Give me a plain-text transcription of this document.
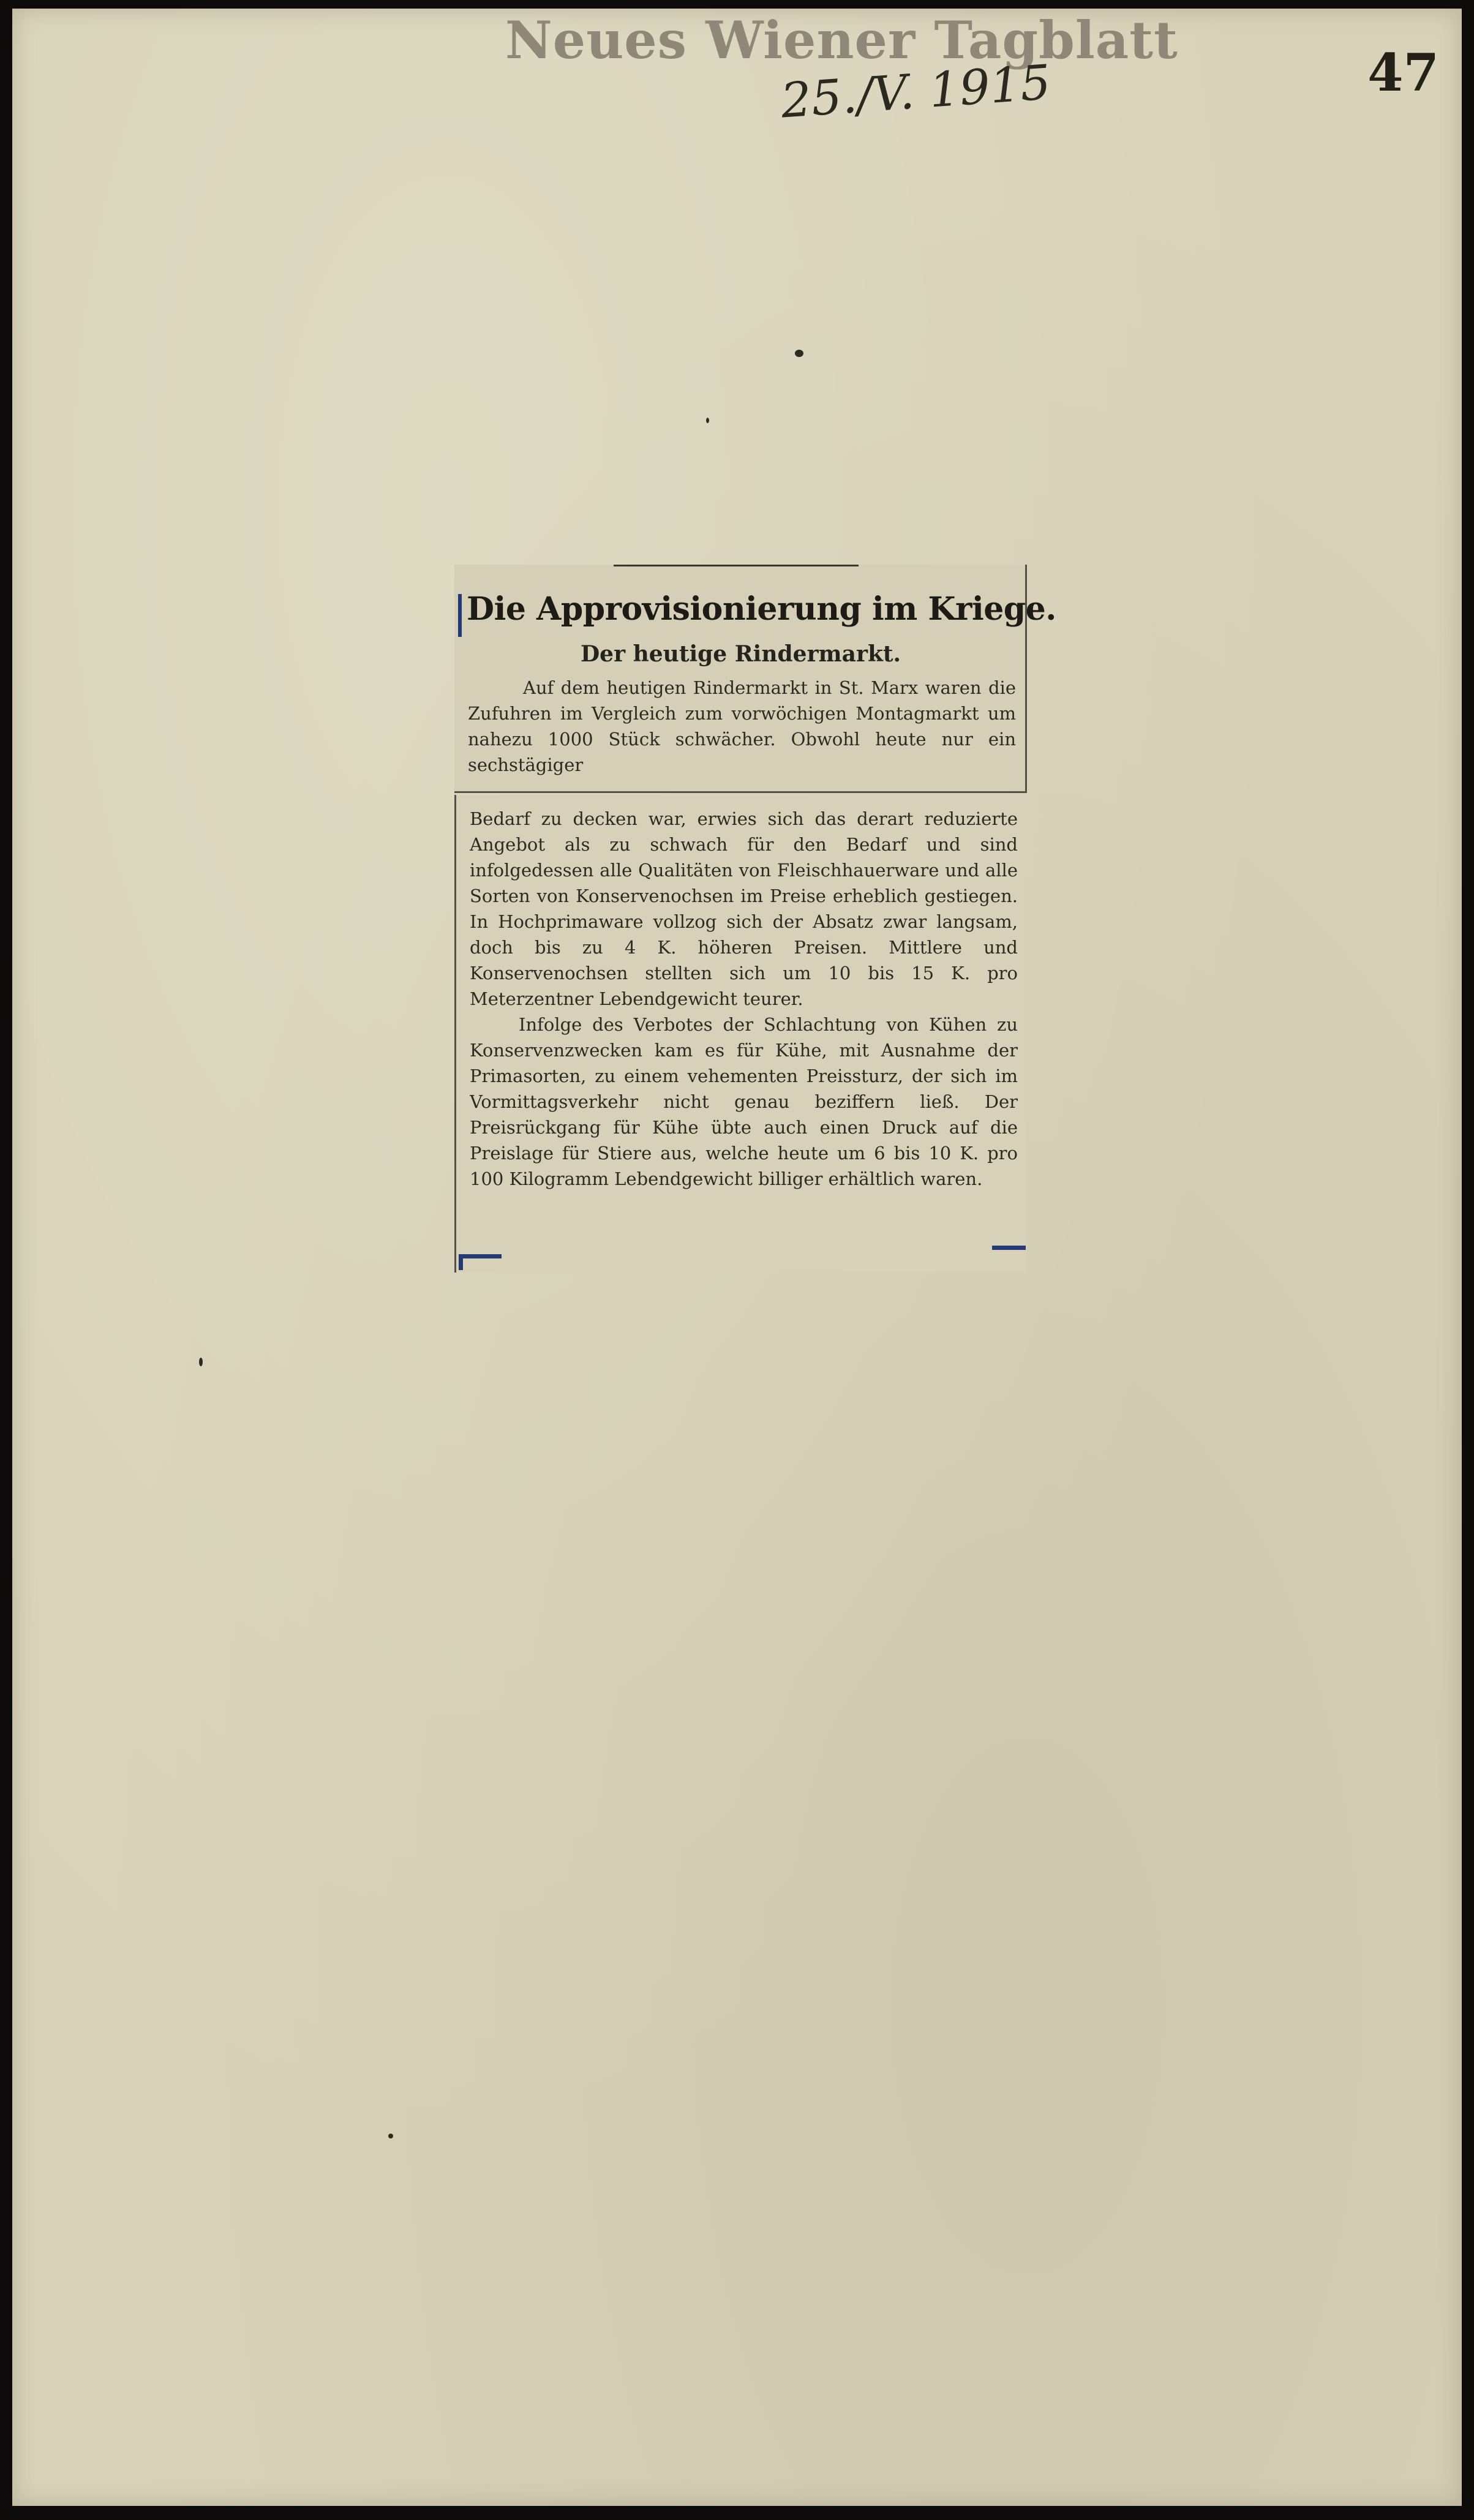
Neues Wiener Tagblatt
25./V. 1915	47
Die Approvisionierung im Kriege.
Der heutige Rindermarkt.

Auf dem heutigen Rindermarkt in St. Marx waren die Zufuhren im Vergleich zum vorwöchigen Montagmarkt um nahezu 1000 Stück schwächer. Obwohl heute nur ein sechstägiger

Bedarf zu decken war, erwies sich das derart reduzierte Angebot als zu schwach für den Bedarf und sind infolgedessen alle Qualitäten von Fleischhauerware und alle Sorten von Konservenochsen im Preise erheblich gestiegen. In Hochprimaware vollzog sich der Absatz zwar langsam, doch bis zu 4 K. höheren Preisen. Mittlere und Konservenochsen stellten sich um 10 bis 15 K. pro Meterzentner Lebendgewicht teurer.

Infolge des Verbotes der Schlachtung von Kühen zu Konservenzwecken kam es für Kühe, mit Ausnahme der Primasorten, zu einem vehementen Preissturz, der sich im Vormittagsverkehr nicht genau beziffern ließ. Der Preisrückgang für Kühe übte auch einen Druck auf die Preislage für Stiere aus, welche heute um 6 bis 10 K. pro 100 Kilogramm Lebendgewicht billiger erhältlich waren.
